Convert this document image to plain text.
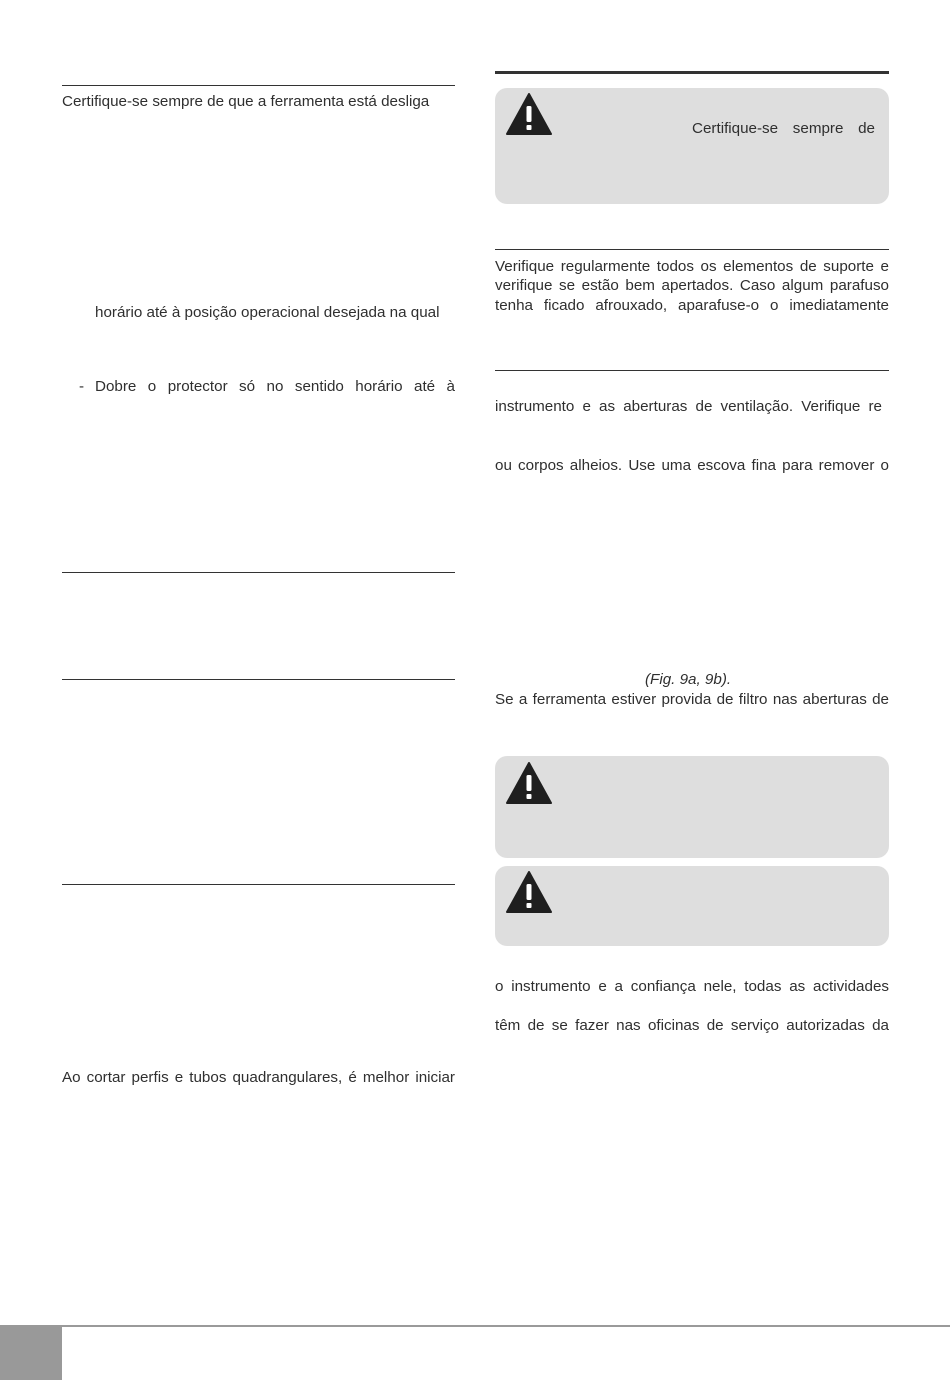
Certifique-se sempre de que a ferramenta está desliga
horário até à posição operacional desejada na qual
- Dobre o protector só no sentido horário até à
Ao cortar perfis e tubos quadrangulares, é melhor iniciar
Certifique-se sempre de
Verifique regularmente todos os elementos de suporte e
verifique se estão bem apertados. Caso algum parafuso
tenha ficado afrouxado, aparafuse-o o imediatamente
instrumento e as aberturas de ventilação. Verifique re
ou corpos alheios. Use uma escova fina para remover o
(Fig. 9a, 9b).
Se a ferramenta estiver provida de filtro nas aberturas de
o instrumento e a confiança nele, todas as actividades
têm de se fazer nas oficinas de serviço autorizadas da
